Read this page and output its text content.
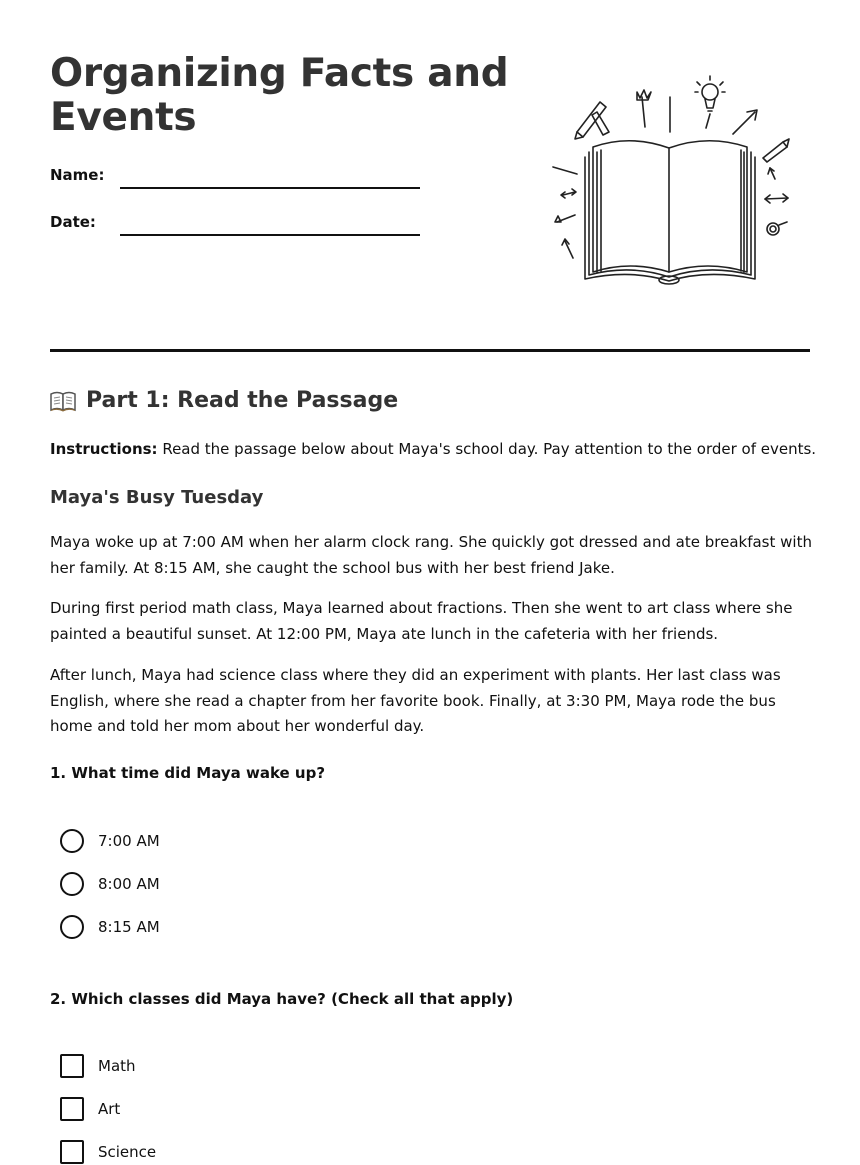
Organizing Facts and
Events
Name:
Date:
Part 1: Read the Passage
Instructions: Read the passage below about Maya's school day. Pay attention to the order of events.
Maya's Busy Tuesday

Maya woke up at 7:00 AM when her alarm clock rang. She quickly got dressed and ate breakfast with her family. At 8:15 AM, she caught the school bus with her best friend Jake.

During first period math class, Maya learned about fractions. Then she went to art class where she painted a beautiful sunset. At 12:00 PM, Maya ate lunch in the cafeteria with her friends.

After lunch, Maya had science class where they did an experiment with plants. Her last class was English, where she read a chapter from her favorite book. Finally, at 3:30 PM, Maya rode the bus home and told her mom about her wonderful day.

1. What time did Maya wake up?

7:00 AM
8:00 AM
8:15 AM

2. Which classes did Maya have? (Check all that apply)

Math
Art
Science
